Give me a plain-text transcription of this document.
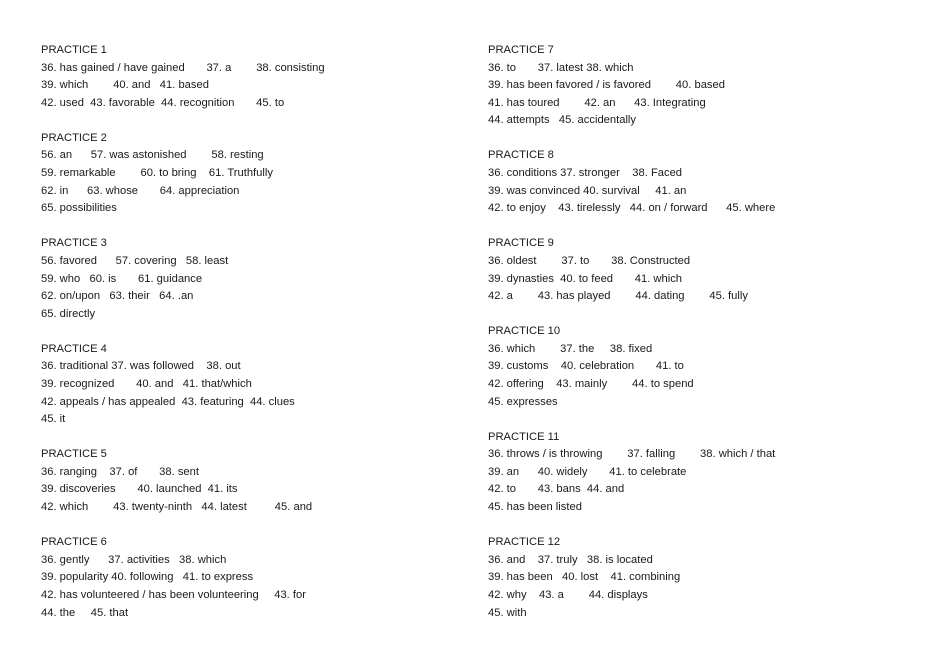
PRACTICE 1
36. has gained / have gained       37. a        38. consisting
39. which        40. and   41. based
42. used  43. favorable  44. recognition       45. to
PRACTICE 2
56. an      57. was astonished        58. resting
59. remarkable        60. to bring    61. Truthfully
62. in      63. whose       64. appreciation
65. possibilities
PRACTICE 3
56. favored      57. covering   58. least
59. who   60. is       61. guidance
62. on/upon   63. their   64. .an
65. directly
PRACTICE 4
36. traditional 37. was followed    38. out
39. recognized       40. and   41. that/which
42. appeals / has appealed  43. featuring  44. clues
45. it
PRACTICE 5
36. ranging    37. of       38. sent
39. discoveries       40. launched  41. its
42. which        43. twenty-ninth   44. latest         45. and
PRACTICE 6
36. gently      37. activities   38. which
39. popularity 40. following   41. to express
42. has volunteered / has been volunteering     43. for
44. the     45. that
PRACTICE 7
36. to       37. latest 38. which
39. has been favored / is favored        40. based
41. has toured        42. an      43. Integrating
44. attempts   45. accidentally
PRACTICE 8
36. conditions 37. stronger    38. Faced
39. was convinced 40. survival     41. an
42. to enjoy    43. tirelessly   44. on / forward      45. where
PRACTICE 9
36. oldest        37. to       38. Constructed
39. dynasties  40. to feed       41. which
42. a        43. has played        44. dating        45. fully
PRACTICE 10
36. which        37. the     38. fixed
39. customs    40. celebration       41. to
42. offering    43. mainly        44. to spend
45. expresses
PRACTICE 11
36. throws / is throwing        37. falling        38. which / that
39. an      40. widely       41. to celebrate
42. to       43. bans  44. and
45. has been listed
PRACTICE 12
36. and    37. truly   38. is located
39. has been   40. lost    41. combining
42. why    43. a        44. displays
45. with
